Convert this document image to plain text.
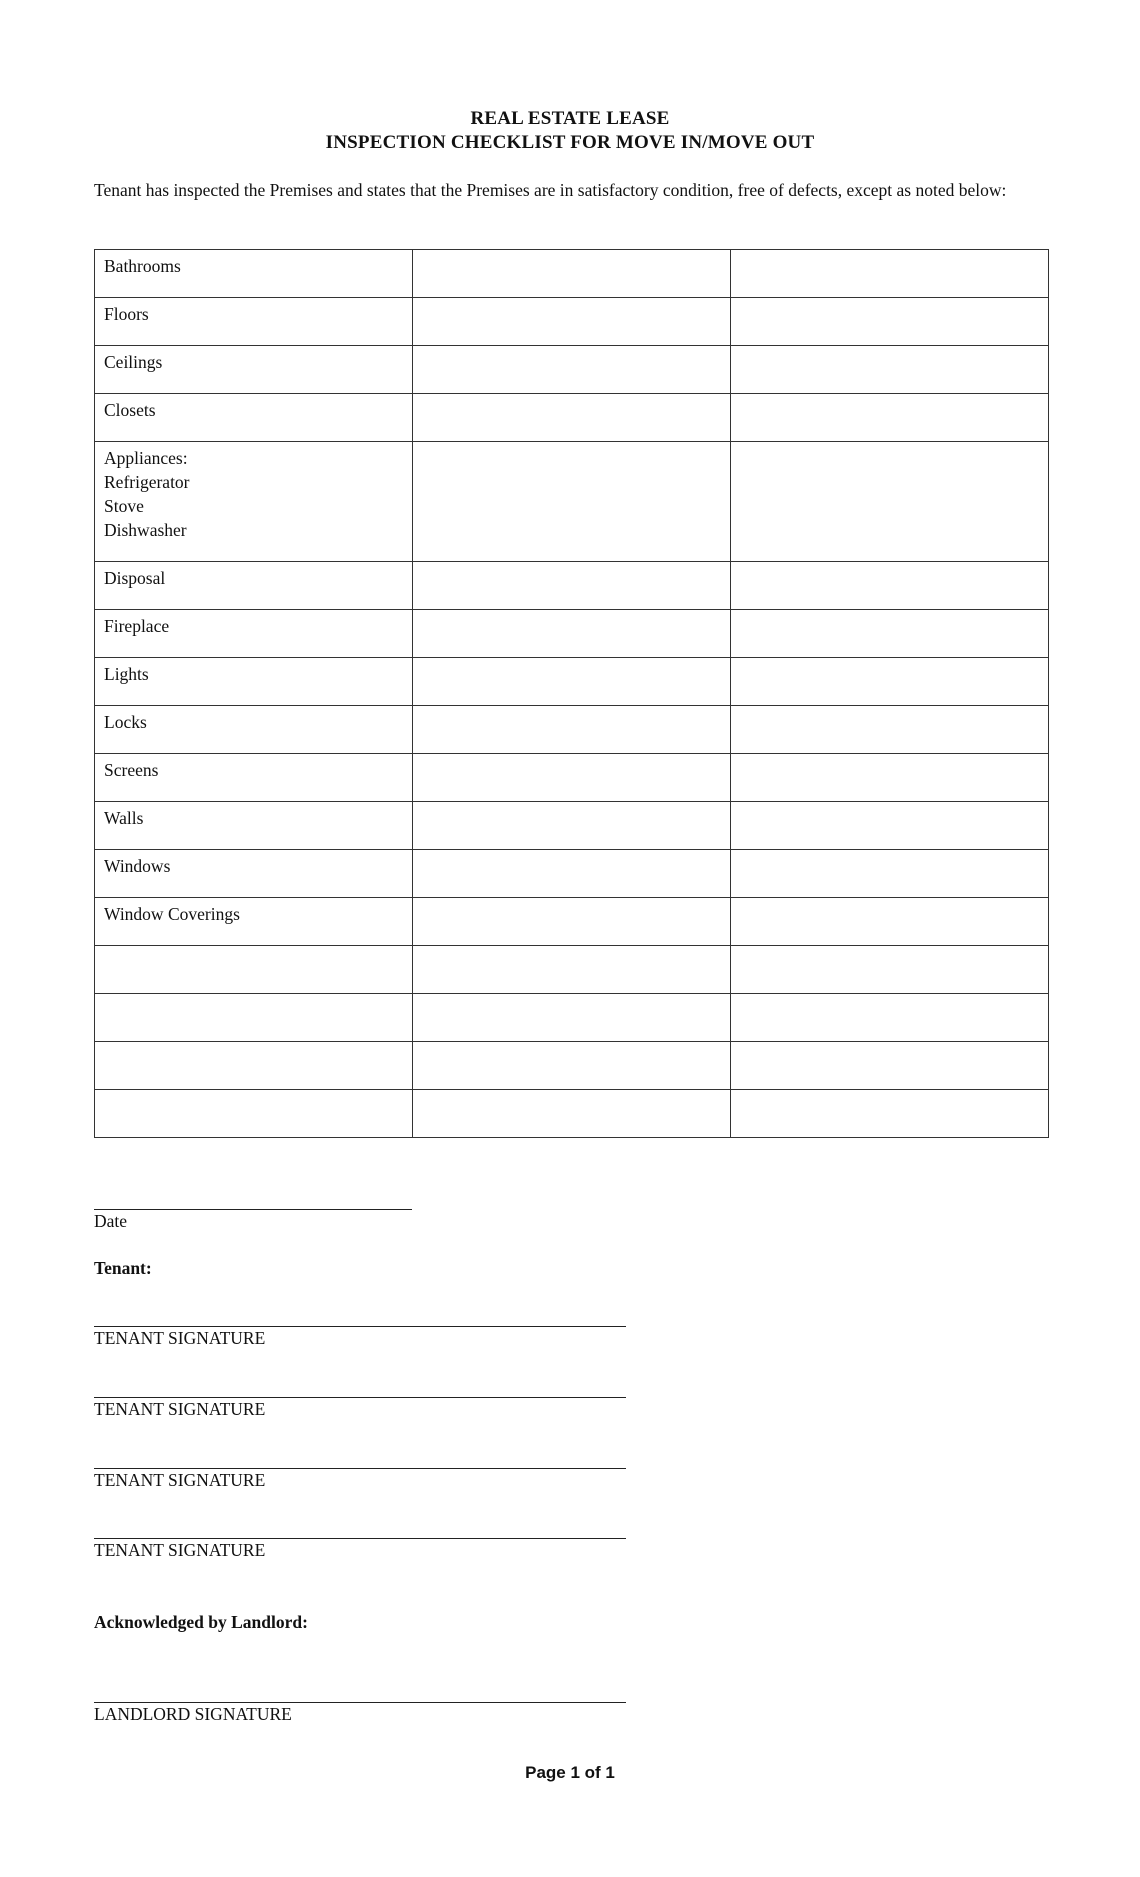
REAL ESTATE LEASE
INSPECTION CHECKLIST FOR MOVE IN/MOVE OUT
Tenant has inspected the Premises and states that the Premises are in satisfactory condition, free of defects, except as noted below:
Bathrooms		

Floors		

Ceilings		

Closets		

Appliances:
Refrigerator
Stove
Dishwasher		

Disposal		

Fireplace		

Lights		

Locks		

Screens		

Walls		

Windows		

Window Coverings		

Date
Tenant:
TENANT SIGNATURE
TENANT SIGNATURE
TENANT SIGNATURE
TENANT SIGNATURE
Acknowledged by Landlord:
LANDLORD SIGNATURE
Page 1 of 1
